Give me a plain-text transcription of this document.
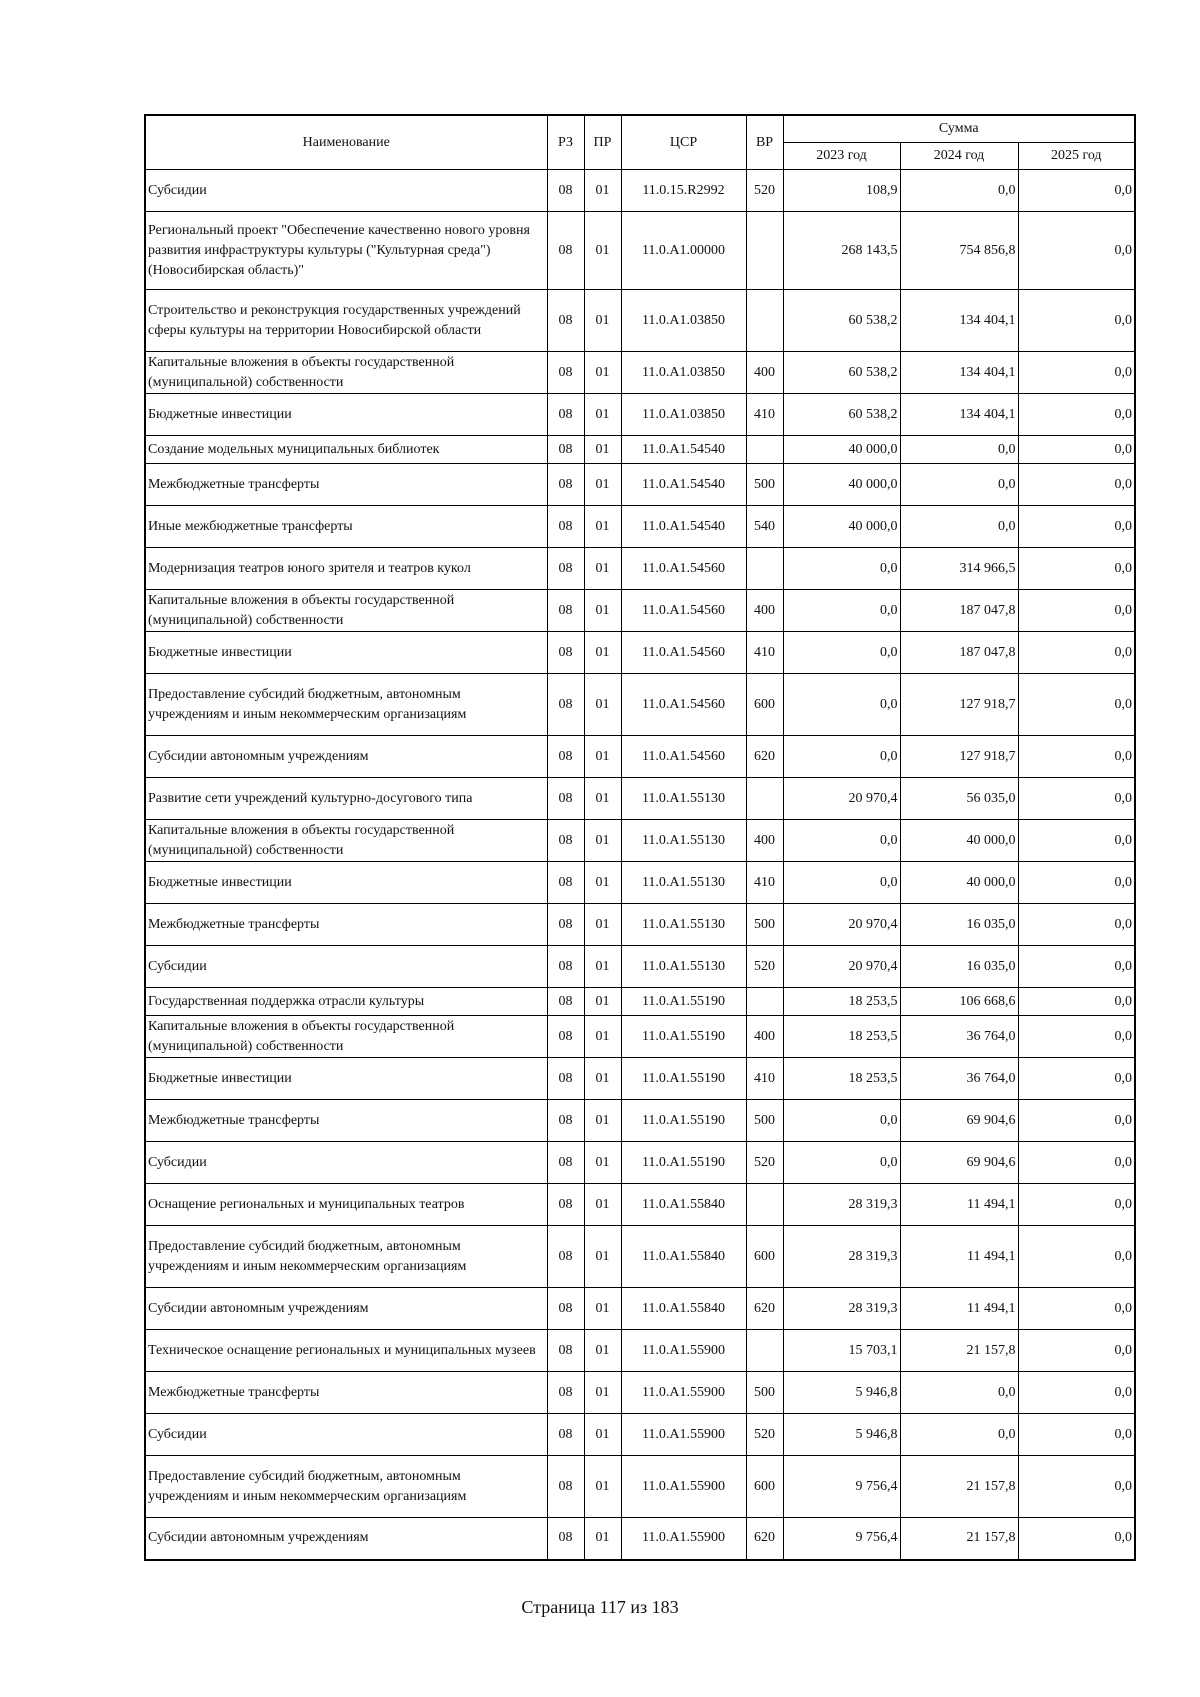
Наименование	РЗ	ПР	ЦСР	ВР	Сумма		
					2023 год	2024 год	2025 год
Субсидии	08	01	11.0.15.R2992	520	108,9	0,0	0,0
Региональный проект "Обеспечение качественно нового уровня развития инфраструктуры культуры ("Культурная среда") (Новосибирская область)"	08	01	11.0.A1.00000		268 143,5	754 856,8	0,0
Строительство и реконструкция государственных учреждений сферы культуры на территории Новосибирской области	08	01	11.0.A1.03850		60 538,2	134 404,1	0,0
Капитальные вложения в объекты государственной (муниципальной) собственности	08	01	11.0.A1.03850	400	60 538,2	134 404,1	0,0
Бюджетные инвестиции	08	01	11.0.A1.03850	410	60 538,2	134 404,1	0,0
Создание модельных муниципальных библиотек	08	01	11.0.A1.54540		40 000,0	0,0	0,0
Межбюджетные трансферты	08	01	11.0.A1.54540	500	40 000,0	0,0	0,0
Иные межбюджетные трансферты	08	01	11.0.A1.54540	540	40 000,0	0,0	0,0
Модернизация театров юного зрителя и театров кукол	08	01	11.0.A1.54560		0,0	314 966,5	0,0
Капитальные вложения в объекты государственной (муниципальной) собственности	08	01	11.0.A1.54560	400	0,0	187 047,8	0,0
Бюджетные инвестиции	08	01	11.0.A1.54560	410	0,0	187 047,8	0,0
Предоставление субсидий бюджетным, автономным учреждениям и иным некоммерческим организациям	08	01	11.0.A1.54560	600	0,0	127 918,7	0,0
Субсидии автономным учреждениям	08	01	11.0.A1.54560	620	0,0	127 918,7	0,0
Развитие сети учреждений культурно-досугового типа	08	01	11.0.A1.55130		20 970,4	56 035,0	0,0
Капитальные вложения в объекты государственной (муниципальной) собственности	08	01	11.0.A1.55130	400	0,0	40 000,0	0,0
Бюджетные инвестиции	08	01	11.0.A1.55130	410	0,0	40 000,0	0,0
Межбюджетные трансферты	08	01	11.0.A1.55130	500	20 970,4	16 035,0	0,0
Субсидии	08	01	11.0.A1.55130	520	20 970,4	16 035,0	0,0
Государственная поддержка отрасли культуры	08	01	11.0.A1.55190		18 253,5	106 668,6	0,0
Капитальные вложения в объекты государственной (муниципальной) собственности	08	01	11.0.A1.55190	400	18 253,5	36 764,0	0,0
Бюджетные инвестиции	08	01	11.0.A1.55190	410	18 253,5	36 764,0	0,0
Межбюджетные трансферты	08	01	11.0.A1.55190	500	0,0	69 904,6	0,0
Субсидии	08	01	11.0.A1.55190	520	0,0	69 904,6	0,0
Оснащение региональных и муниципальных театров	08	01	11.0.A1.55840		28 319,3	11 494,1	0,0
Предоставление субсидий бюджетным, автономным учреждениям и иным некоммерческим организациям	08	01	11.0.A1.55840	600	28 319,3	11 494,1	0,0
Субсидии автономным учреждениям	08	01	11.0.A1.55840	620	28 319,3	11 494,1	0,0
Техническое оснащение региональных и муниципальных музеев	08	01	11.0.A1.55900		15 703,1	21 157,8	0,0
Межбюджетные трансферты	08	01	11.0.A1.55900	500	5 946,8	0,0	0,0
Субсидии	08	01	11.0.A1.55900	520	5 946,8	0,0	0,0
Предоставление субсидий бюджетным, автономным учреждениям и иным некоммерческим организациям	08	01	11.0.A1.55900	600	9 756,4	21 157,8	0,0
Субсидии автономным учреждениям	08	01	11.0.A1.55900	620	9 756,4	21 157,8	0,0
Страница 117 из 183
